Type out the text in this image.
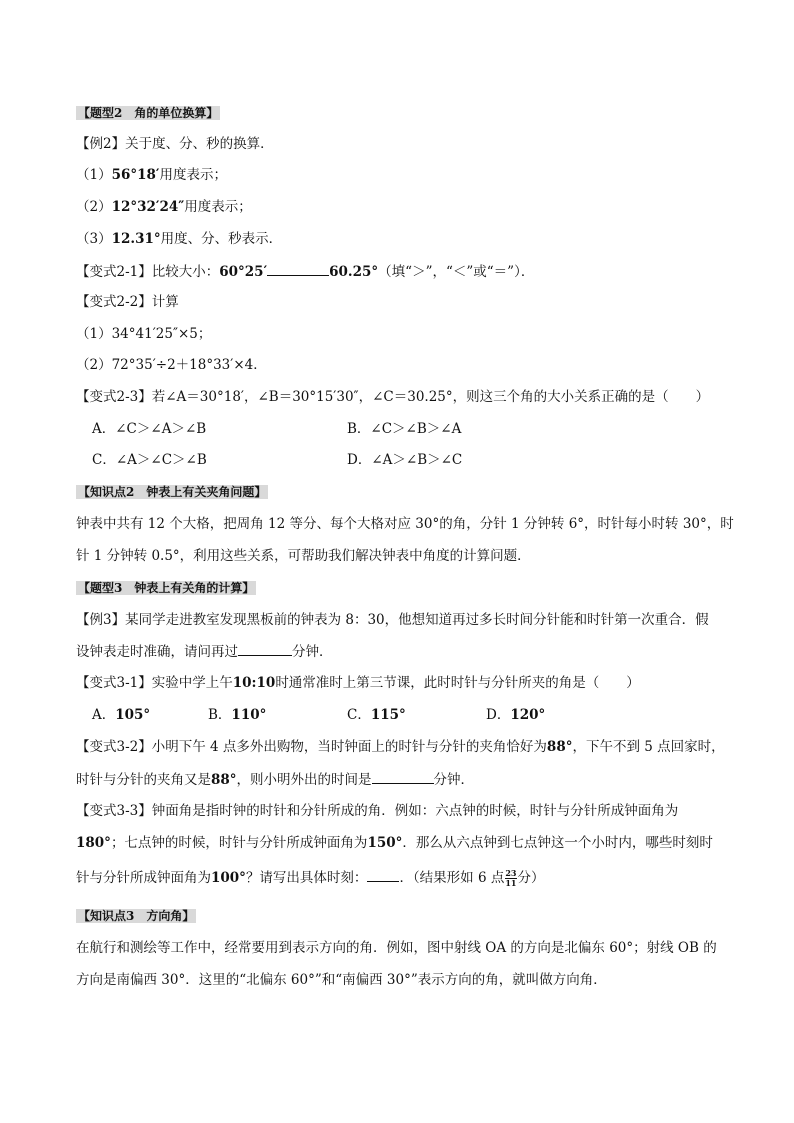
【题型2　角的单位换算】
【例2】关于度、分、秒的换算．
（1）56°18′用度表示；
（2）12°32′24″用度表示；
（3）12.31°用度、分、秒表示．
【变式2-1】比较大小：60°25′	60.25°（填“＞”，“＜”或“＝”）．
【变式2-2】计算
（1）34°41′25″×5；
（2）72°35′÷2＋18°33′×4．
【变式2-3】若∠A＝30°18′，∠B＝30°15′30″，∠C＝30.25°，则这三个角的大小关系正确的是（　　）
A．∠C＞∠A＞∠B	B．∠C＞∠B＞∠A
C．∠A＞∠C＞∠B	D．∠A＞∠B＞∠C
【知识点2　钟表上有关夹角问题】
钟表中共有 12 个大格，把周角 12 等分、每个大格对应 30°的角，分针 1 分钟转 6°，时针每小时转 30°，时
针 1 分钟转 0.5°，利用这些关系，可帮助我们解决钟表中角度的计算问题．
【题型3　钟表上有关角的计算】
【例3】某同学走进教室发现黑板前的钟表为 8：30，他想知道再过多长时间分针能和时针第一次重合．假
设钟表走时准确，请问再过	分钟．
【变式3-1】实验中学上午10:10时通常准时上第三节课，此时时针与分针所夹的角是（　　）
A．105°	B．110°	C．115°	D．120°
【变式3-2】小明下午 4 点多外出购物，当时钟面上的时针与分针的夹角恰好为88°，下午不到 5 点回家时，
时针与分针的夹角又是88°，则小明外出的时间是	分钟．
【变式3-3】钟面角是指时钟的时针和分针所成的角．例如：六点钟的时候，时针与分针所成钟面角为
180°；七点钟的时候，时针与分针所成钟面角为150°．那么从六点钟到七点钟这一个小时内，哪些时刻时
针与分针所成钟面角为100°？请写出具体时刻： ．（结果形如 6 点 $\frac{23}{11}$ 分）
【知识点3　方向角】
在航行和测绘等工作中，经常要用到表示方向的角．例如，图中射线 OA 的方向是北偏东 60°；射线 OB 的
方向是南偏西 30°．这里的“北偏东 60°”和“南偏西 30°”表示方向的角，就叫做方向角．
